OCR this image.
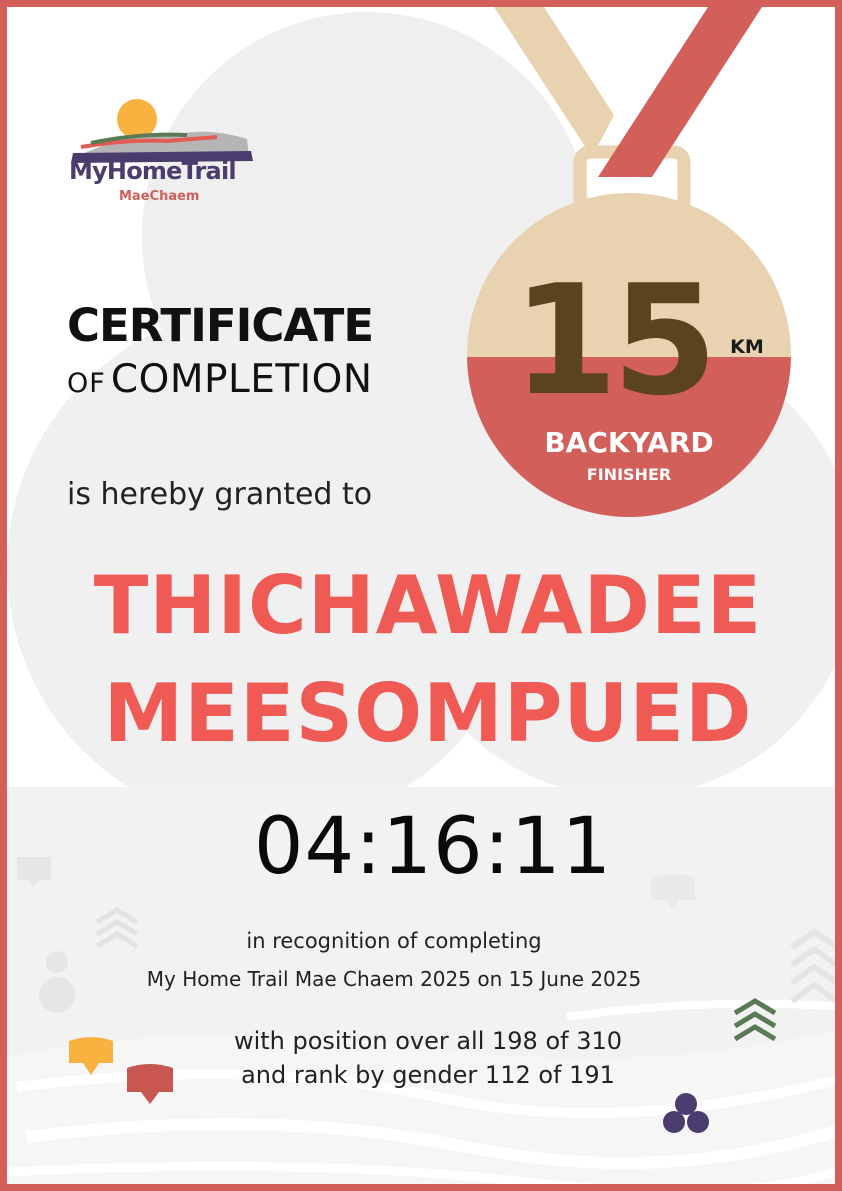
MyHomeTrail
MaeChaem
CERTIFICATE
OF COMPLETION
is hereby granted to
15 KM
BACKYARD
FINISHER
THICHAWADEE
MEESOMPUED
04:16:11
in recognition of completing
My Home Trail Mae Chaem 2025 on 15 June 2025
with position over all 198 of 310
and rank by gender 112 of 191
